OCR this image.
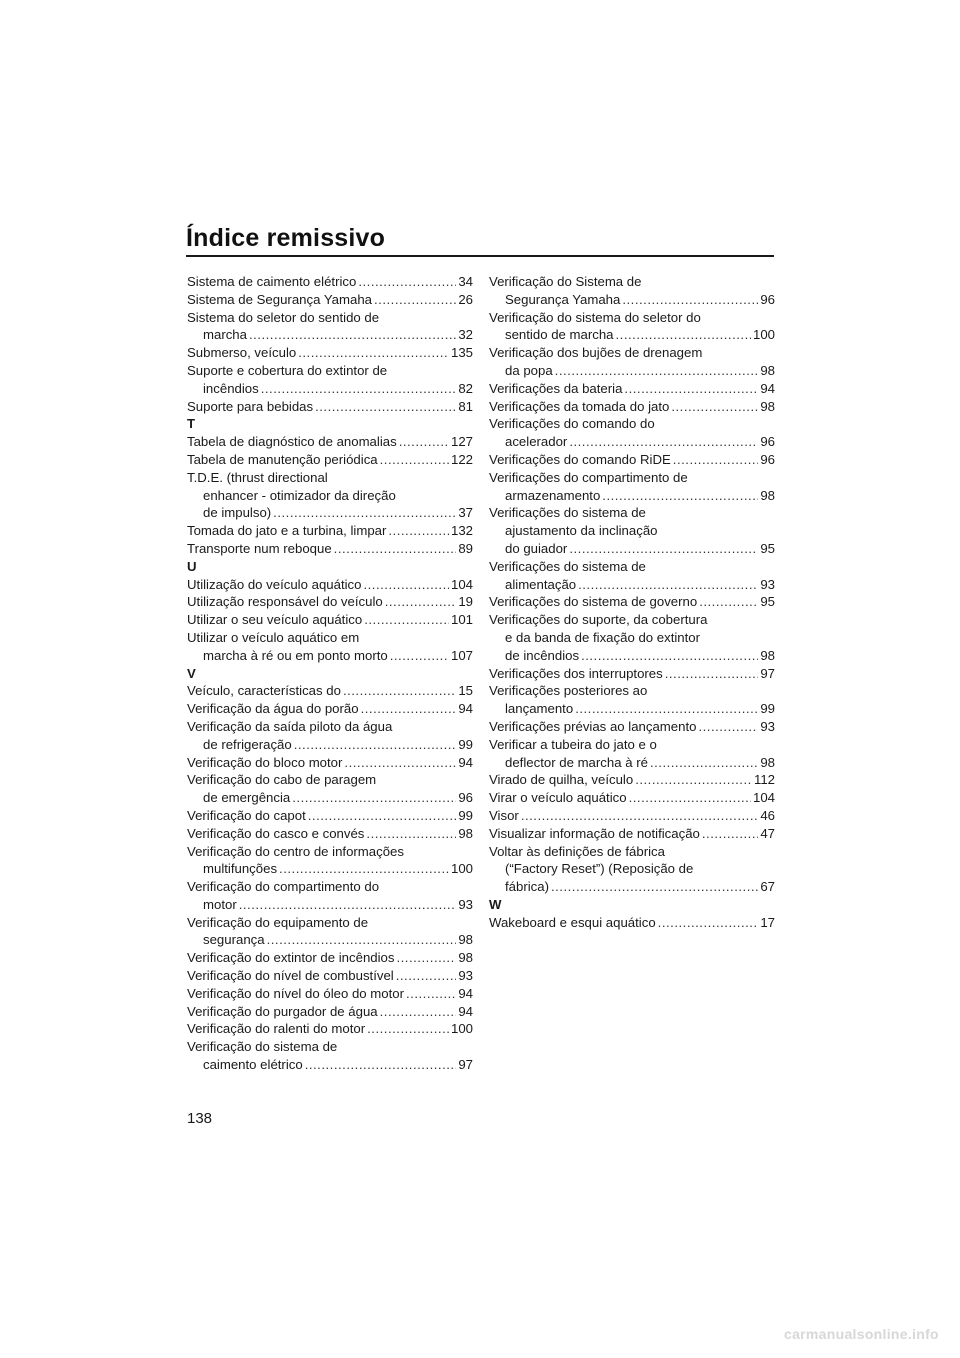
Índice remissivo
Sistema de caimento elétrico .....	34
Sistema de Segurança Yamaha .....	26
Sistema do seletor do sentido de
marcha .....	32
Submerso, veículo .....	135
Suporte e cobertura do extintor de
incêndios .....	82
Suporte para bebidas .....	81
T
Tabela de diagnóstico de anomalias .....	127
Tabela de manutenção periódica .....	122
T.D.E. (thrust directional
enhancer - otimizador da direção
de impulso) .....	37
Tomada do jato e a turbina, limpar .....	132
Transporte num reboque .....	89
U
Utilização do veículo aquático .....	104
Utilização responsável do veículo .....	19
Utilizar o seu veículo aquático .....	101
Utilizar o veículo aquático em
marcha à ré ou em ponto morto .....	107
V
Veículo, características do .....	15
Verificação da água do porão .....	94
Verificação da saída piloto da água
de refrigeração .....	99
Verificação do bloco motor .....	94
Verificação do cabo de paragem
de emergência .....	96
Verificação do capot .....	99
Verificação do casco e convés .....	98
Verificação do centro de informações
multifunções .....	100
Verificação do compartimento do
motor .....	93
Verificação do equipamento de
segurança .....	98
Verificação do extintor de incêndios .....	98
Verificação do nível de combustível .....	93
Verificação do nível do óleo do motor .....	94
Verificação do purgador de água .....	94
Verificação do ralenti do motor .....	100
Verificação do sistema de
caimento elétrico .....	97
Verificação do Sistema de
Segurança Yamaha .....	96
Verificação do sistema do seletor do
sentido de marcha .....	100
Verificação dos bujões de drenagem
da popa .....	98
Verificações da bateria .....	94
Verificações da tomada do jato .....	98
Verificações do comando do
acelerador .....	96
Verificações do comando RiDE .....	96
Verificações do compartimento de
armazenamento .....	98
Verificações do sistema de
ajustamento da inclinação
do guiador .....	95
Verificações do sistema de
alimentação .....	93
Verificações do sistema de governo .....	95
Verificações do suporte, da cobertura
e da banda de fixação do extintor
de incêndios .....	98
Verificações dos interruptores .....	97
Verificações posteriores ao
lançamento .....	99
Verificações prévias ao lançamento .....	93
Verificar a tubeira do jato e o
deflector de marcha à ré .....	98
Virado de quilha, veículo .....	112
Virar o veículo aquático .....	104
Visor .....	46
Visualizar informação de notificação .....	47
Voltar às definições de fábrica
(“Factory Reset”) (Reposição de
fábrica) .....	67
W
Wakeboard e esqui aquático .....	17
138
carmanualsonline.info
